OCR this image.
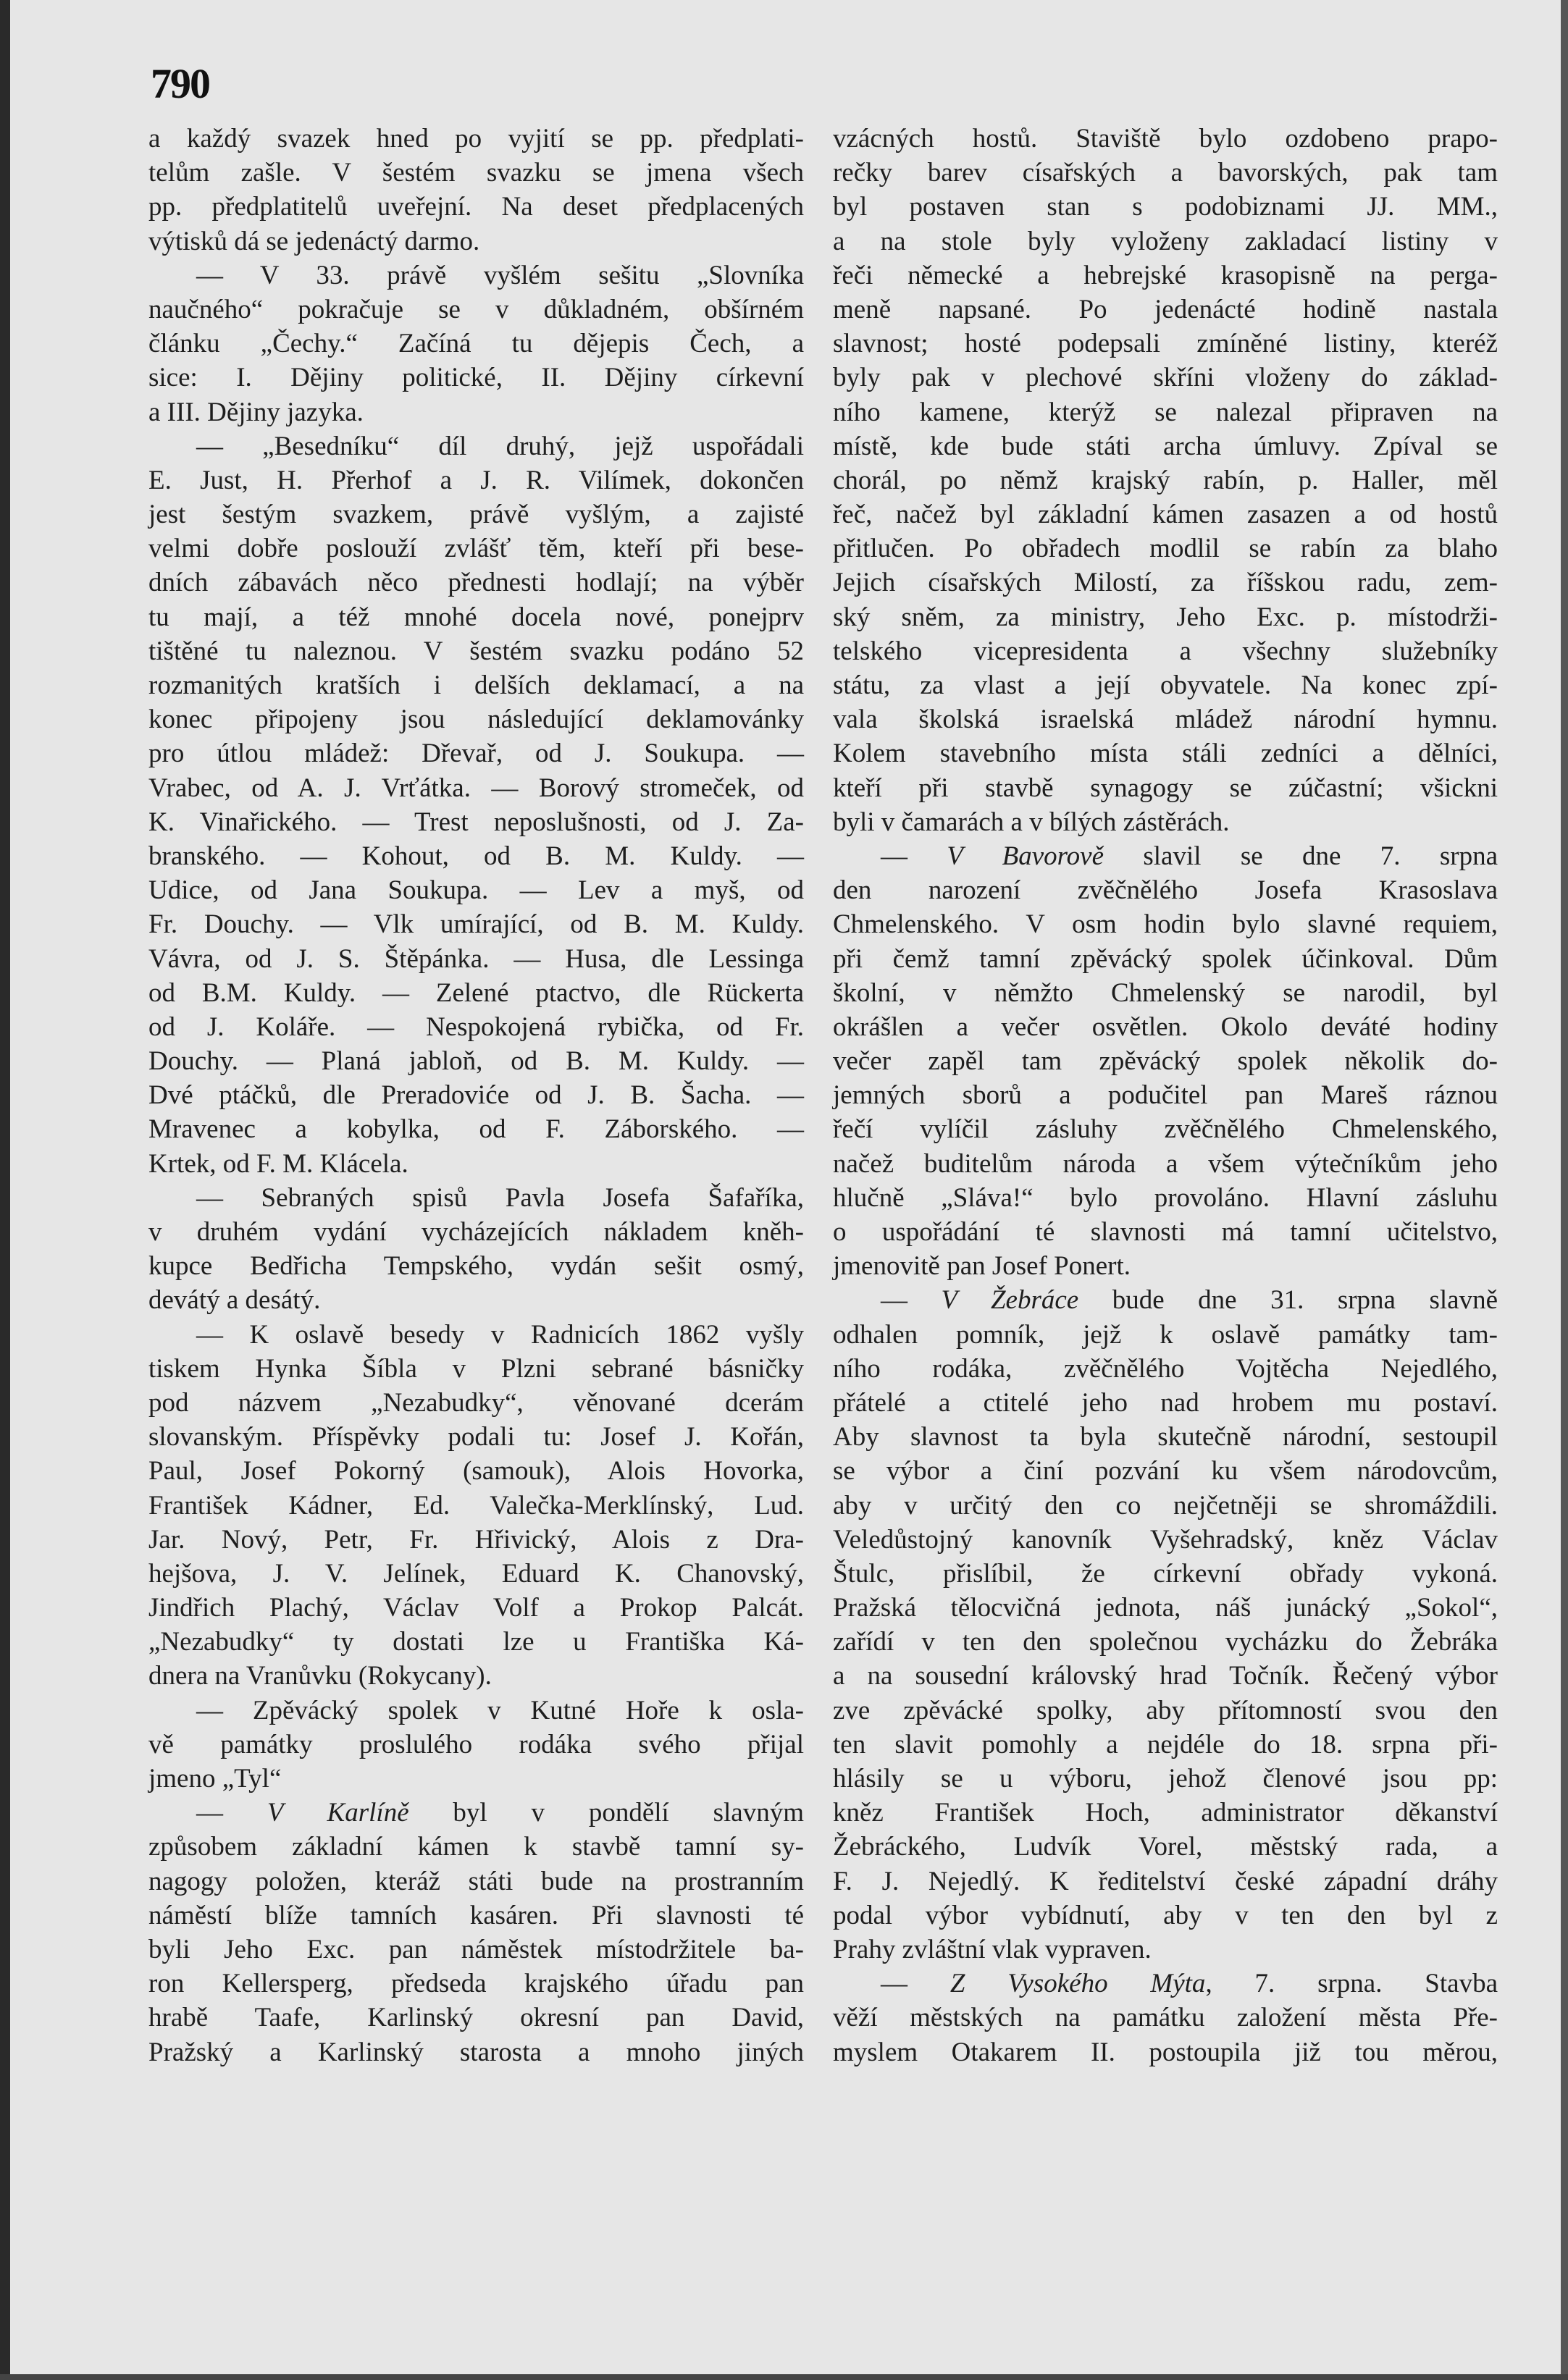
790
a každý svazek hned po vyjití se pp. předplati-
telům zašle. V šestém svazku se jmena všech
pp. předplatitelů uveřejní. Na deset předplacených
výtisků dá se jedenáctý darmo.
— V 33. právě vyšlém sešitu „Slovníka
naučného“ pokračuje se v důkladném, obšírném
článku „Čechy.“ Začíná tu dějepis Čech, a
sice: I. Dějiny politické, II. Dějiny církevní
a III. Dějiny jazyka.
— „Besedníku“ díl druhý, jejž uspořádali
E. Just, H. Přerhof a J. R. Vilímek, dokončen
jest šestým svazkem, právě vyšlým, a zajisté
velmi dobře poslouží zvlášť těm, kteří při bese-
dních zábavách něco přednesti hodlají; na výběr
tu mají, a též mnohé docela nové, ponejprv
tištěné tu naleznou. V šestém svazku podáno 52
rozmanitých kratších i delších deklamací, a na
konec připojeny jsou následující deklamovánky
pro útlou mládež: Dřevař, od J. Soukupa. —
Vrabec, od A. J. Vrťátka. — Borový stromeček, od
K. Vinařického. — Trest neposlušnosti, od J. Za-
branského. — Kohout, od B. M. Kuldy. —
Udice, od Jana Soukupa. — Lev a myš, od
Fr. Douchy. — Vlk umírající, od B. M. Kuldy.
Vávra, od J. S. Štěpánka. — Husa, dle Lessinga
od B.M. Kuldy. — Zelené ptactvo, dle Rückerta
od J. Koláře. — Nespokojená rybička, od Fr.
Douchy. — Planá jabloň, od B. M. Kuldy. —
Dvé ptáčků, dle Preradoviće od J. B. Šacha. —
Mravenec a kobylka, od F. Záborského. —
Krtek, od F. M. Klácela.
— Sebraných spisů Pavla Josefa Šafaříka,
v druhém vydání vycházejících nákladem kněh-
kupce Bedřicha Tempského, vydán sešit osmý,
devátý a desátý.
— K oslavě besedy v Radnicích 1862 vyšly
tiskem Hynka Šíbla v Plzni sebrané básničky
pod názvem „Nezabudky“, věnované dcerám
slovanským. Příspěvky podali tu: Josef J. Kořán,
Paul, Josef Pokorný (samouk), Alois Hovorka,
František Kádner, Ed. Valečka-Merklínský, Lud.
Jar. Nový, Petr, Fr. Hřivický, Alois z Dra-
hejšova, J. V. Jelínek, Eduard K. Chanovský,
Jindřich Plachý, Václav Volf a Prokop Palcát.
„Nezabudky“ ty dostati lze u Františka Ká-
dnera na Vranůvku (Rokycany).
— Zpěvácký spolek v Kutné Hoře k osla-
vě památky proslulého rodáka svého přijal
jmeno „Tyl“
— V Karlíně byl v pondělí slavným
způsobem základní kámen k stavbě tamní sy-
nagogy položen, kteráž státi bude na prostranním
náměstí blíže tamních kasáren. Při slavnosti té
byli Jeho Exc. pan náměstek místodržitele ba-
ron Kellersperg, předseda krajského úřadu pan
hrabě Taafe, Karlinský okresní pan David,
Pražský a Karlinský starosta a mnoho jiných
vzácných hostů. Staviště bylo ozdobeno prapo-
rečky barev císařských a bavorských, pak tam
byl postaven stan s podobiznami JJ. MM.,
a na stole byly vyloženy zakladací listiny v
řeči německé a hebrejské krasopisně na perga-
meně napsané. Po jedenácté hodině nastala
slavnost; hosté podepsali zmíněné listiny, kteréž
byly pak v plechové skříni vloženy do základ-
ního kamene, kterýž se nalezal připraven na
místě, kde bude státi archa úmluvy. Zpíval se
chorál, po němž krajský rabín, p. Haller, měl
řeč, načež byl základní kámen zasazen a od hostů
přitlučen. Po obřadech modlil se rabín za blaho
Jejich císařských Milostí, za říšskou radu, zem-
ský sněm, za ministry, Jeho Exc. p. místodrži-
telského vicepresidenta a všechny služebníky
státu, za vlast a její obyvatele. Na konec zpí-
vala školská israelská mládež národní hymnu.
Kolem stavebního místa stáli zedníci a dělníci,
kteří při stavbě synagogy se zúčastní; všickni
byli v čamarách a v bílých zástěrách.
— V Bavorově slavil se dne 7. srpna
den narození zvěčnělého Josefa Krasoslava
Chmelenského. V osm hodin bylo slavné requiem,
při čemž tamní zpěvácký spolek účinkoval. Dům
školní, v němžto Chmelenský se narodil, byl
okrášlen a večer osvětlen. Okolo deváté hodiny
večer zapěl tam zpěvácký spolek několik do-
jemných sborů a podučitel pan Mareš ráznou
řečí vylíčil zásluhy zvěčnělého Chmelenského,
načež buditelům národa a všem výtečníkům jeho
hlučně „Sláva!“ bylo provoláno. Hlavní zásluhu
o uspořádání té slavnosti má tamní učitelstvo,
jmenovitě pan Josef Ponert.
— V Žebráce bude dne 31. srpna slavně
odhalen pomník, jejž k oslavě památky tam-
ního rodáka, zvěčnělého Vojtěcha Nejedlého,
přátelé a ctitelé jeho nad hrobem mu postaví.
Aby slavnost ta byla skutečně národní, sestoupil
se výbor a činí pozvání ku všem národovcům,
aby v určitý den co nejčetněji se shromáždili.
Veledůstojný kanovník Vyšehradský, kněz Václav
Štulc, přislíbil, že církevní obřady vykoná.
Pražská tělocvičná jednota, náš junácký „Sokol“,
zařídí v ten den společnou vycházku do Žebráka
a na sousední královský hrad Točník. Řečený výbor
zve zpěvácké spolky, aby přítomností svou den
ten slavit pomohly a nejdéle do 18. srpna při-
hlásily se u výboru, jehož členové jsou pp:
kněz František Hoch, administrator děkanství
Žebráckého, Ludvík Vorel, městský rada, a
F. J. Nejedlý. K ředitelství české západní dráhy
podal výbor vybídnutí, aby v ten den byl z
Prahy zvláštní vlak vypraven.
— Z Vysokého Mýta, 7. srpna. Stavba
věží městských na památku založení města Pře-
myslem Otakarem II. postoupila již tou měrou,
